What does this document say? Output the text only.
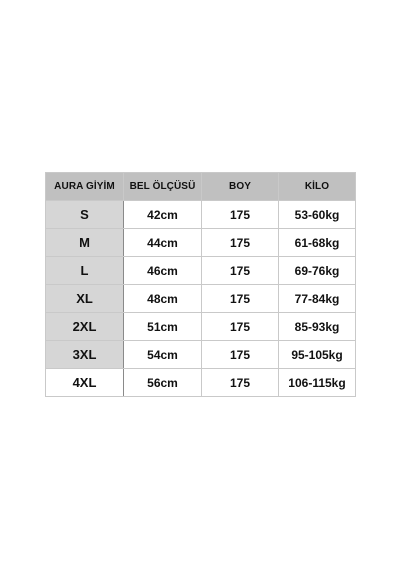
AURA GİYİM	BEL ÖLÇÜSÜ	BOY	KİLO
S	42cm	175	53-60kg
M	44cm	175	61-68kg
L	46cm	175	69-76kg
XL	48cm	175	77-84kg
2XL	51cm	175	85-93kg
3XL	54cm	175	95-105kg
4XL	56cm	175	106-115kg
